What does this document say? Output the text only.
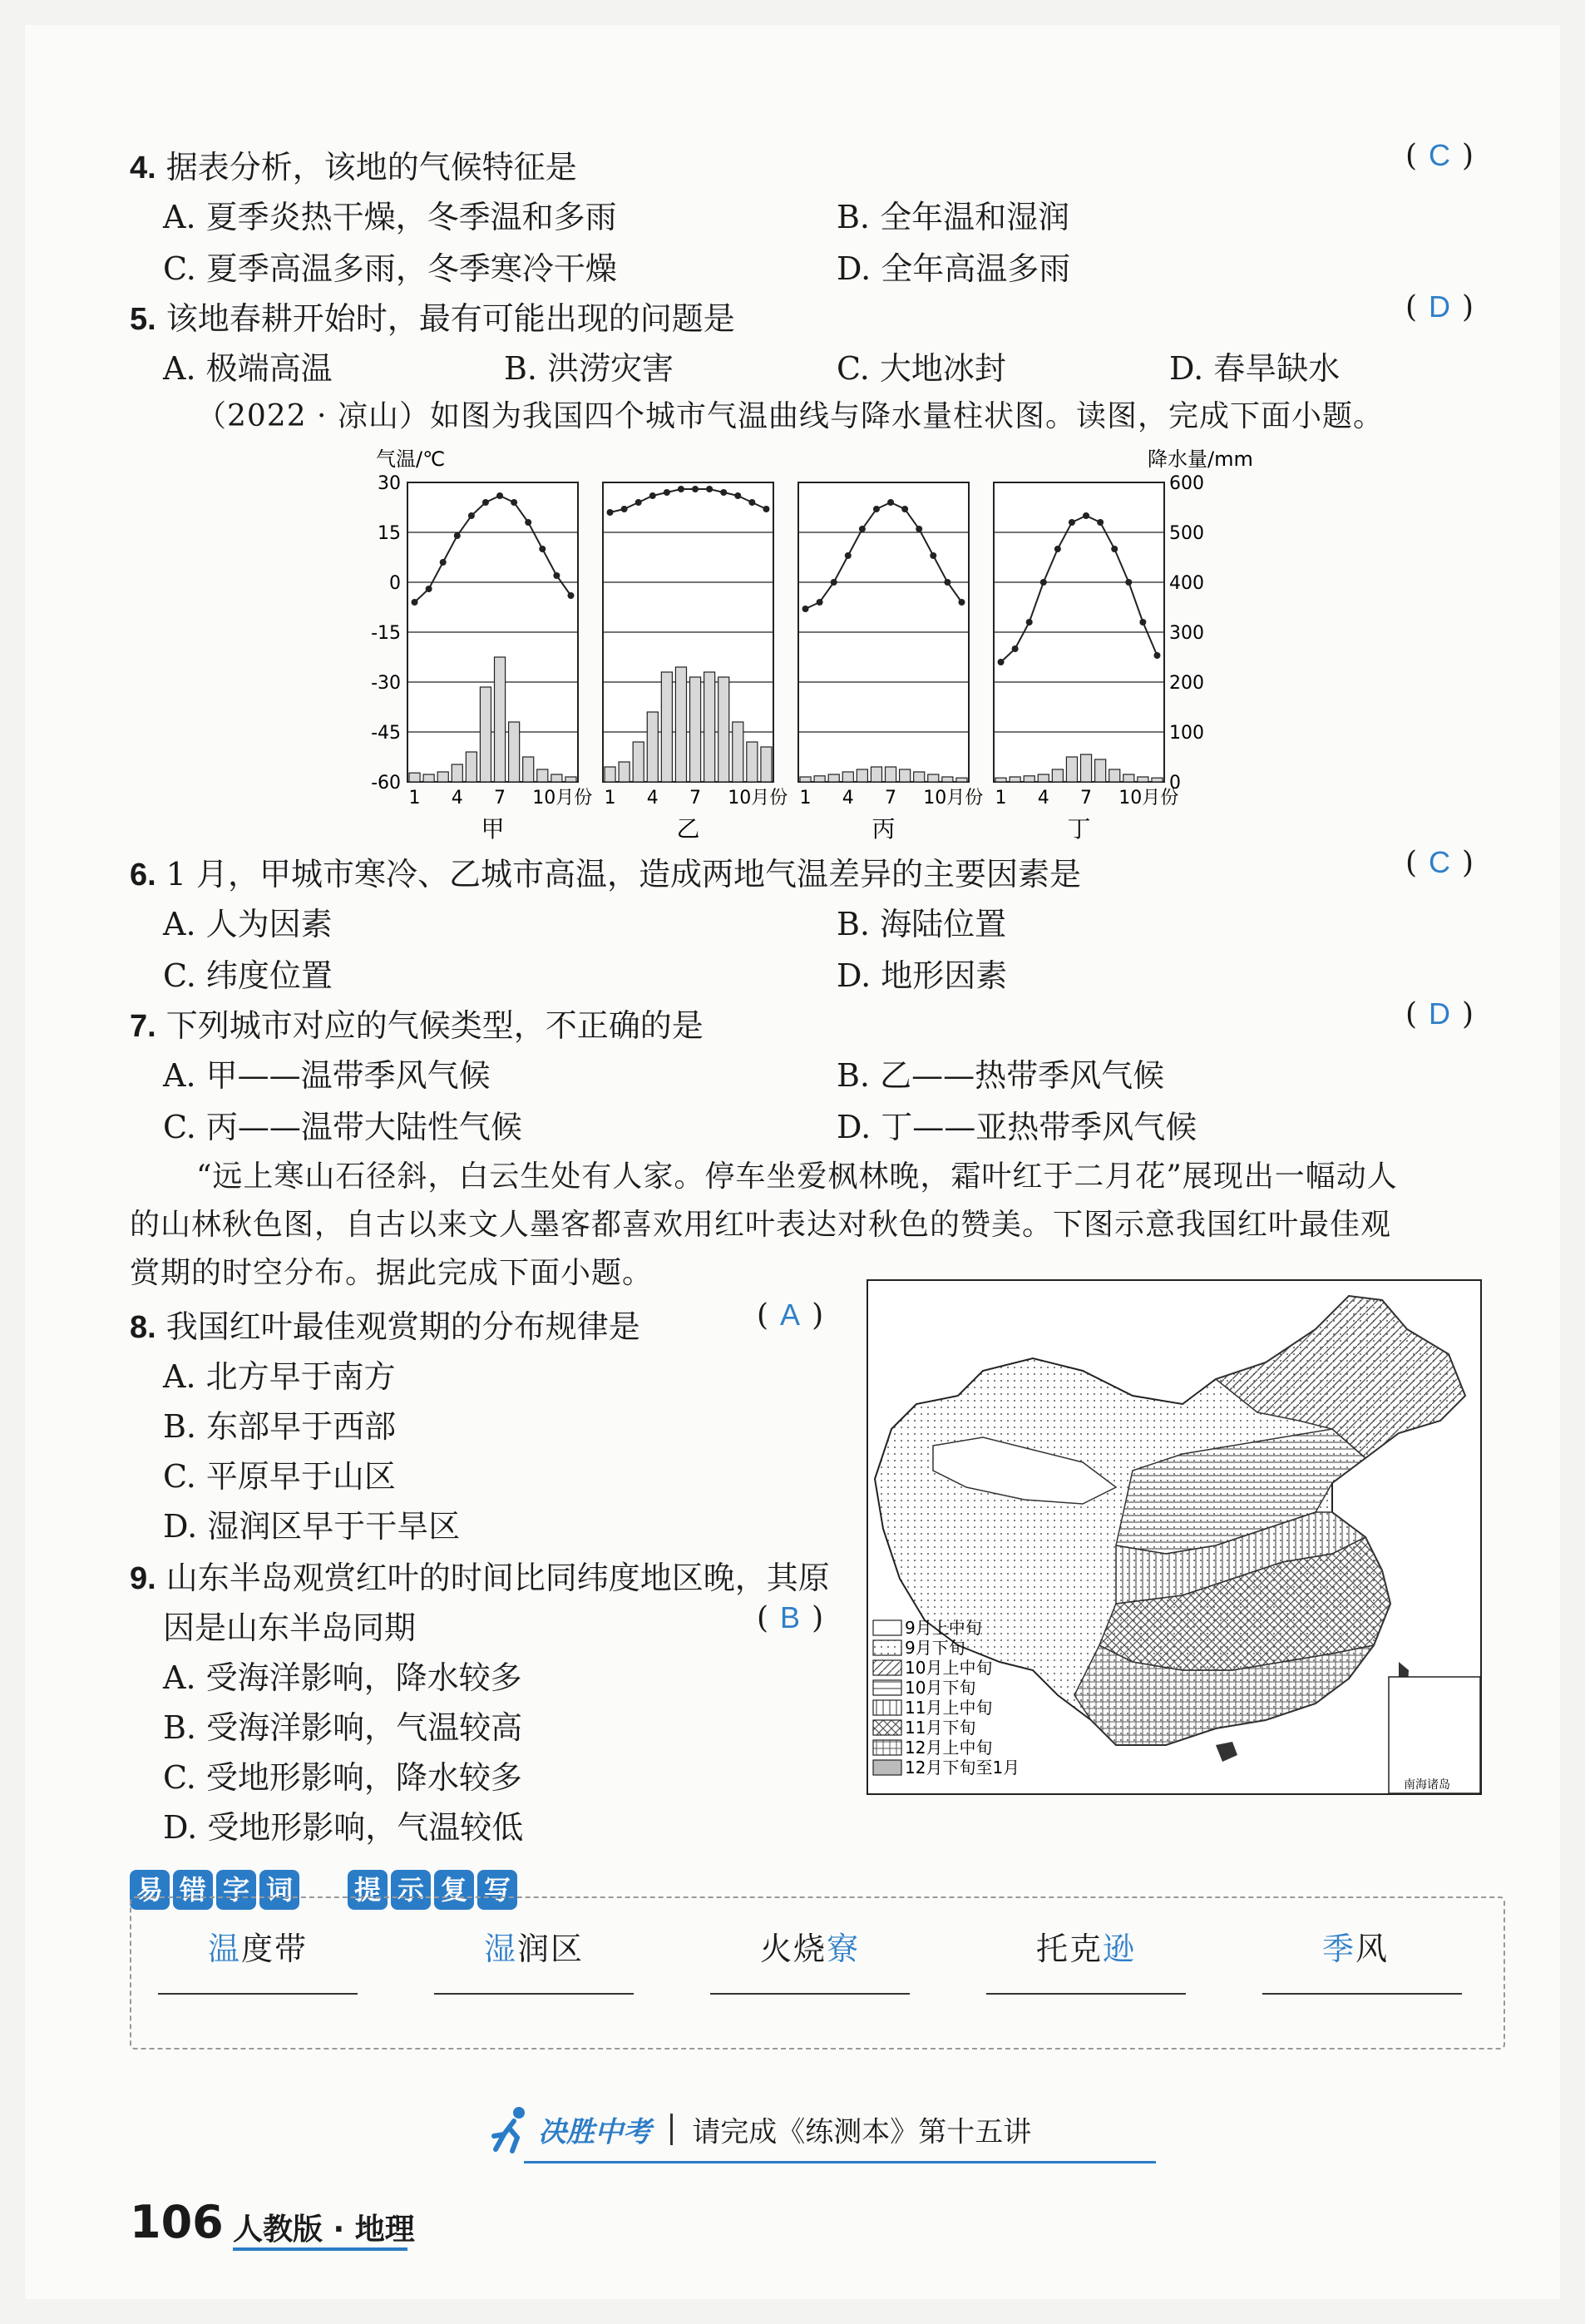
4. 据表分析，该地的气候特征是	( C )
A. 夏季炎热干燥，冬季温和多雨	B. 全年温和湿润
C. 夏季高温多雨，冬季寒冷干燥	D. 全年高温多雨
5. 该地春耕开始时，最有可能出现的问题是	( D )
A. 极端高温	B. 洪涝灾害	C. 大地冰封	D. 春旱缺水
（2022 · 凉山）如图为我国四个城市气温曲线与降水量柱状图。读图，完成下面小题。
气温/℃	降水量/mm
30
15
0
-15
-30
-45
-60
600
500
400
300
200
100
0
1 4 7 10月份
甲
1 4 7 10月份
乙
1 4 7 10月份
丙
1 4 7 10月份
丁
6. 1 月，甲城市寒冷、乙城市高温，造成两地气温差异的主要因素是	( C )
A. 人为因素	B. 海陆位置
C. 纬度位置	D. 地形因素
7. 下列城市对应的气候类型，不正确的是	( D )
A. 甲——温带季风气候	B. 乙——热带季风气候
C. 丙——温带大陆性气候	D. 丁——亚热带季风气候
“远上寒山石径斜，白云生处有人家。停车坐爱枫林晚，霜叶红于二月花”展现出一幅动人
的山林秋色图，自古以来文人墨客都喜欢用红叶表达对秋色的赞美。下图示意我国红叶最佳观
赏期的时空分布。据此完成下面小题。
8. 我国红叶最佳观赏期的分布规律是	( A )
A. 北方早于南方
B. 东部早于西部
C. 平原早于山区
D. 湿润区早于干旱区
9. 山东半岛观赏红叶的时间比同纬度地区晚，其原
因是山东半岛同期	( B )
A. 受海洋影响，降水较多
B. 受海洋影响，气温较高
C. 受地形影响，降水较多
D. 受地形影响，气温较低
南海诸岛
9月上中旬
9月下旬
10月上中旬
10月下旬
11月上中旬
11月下旬
12月上中旬
12月下旬至1月
易 错 字 词	提 示 复 写
温度带	湿润区	火烧寮	托克逊	季风
决胜中考 请完成《练测本》第十五讲
106 人教版 · 地理
